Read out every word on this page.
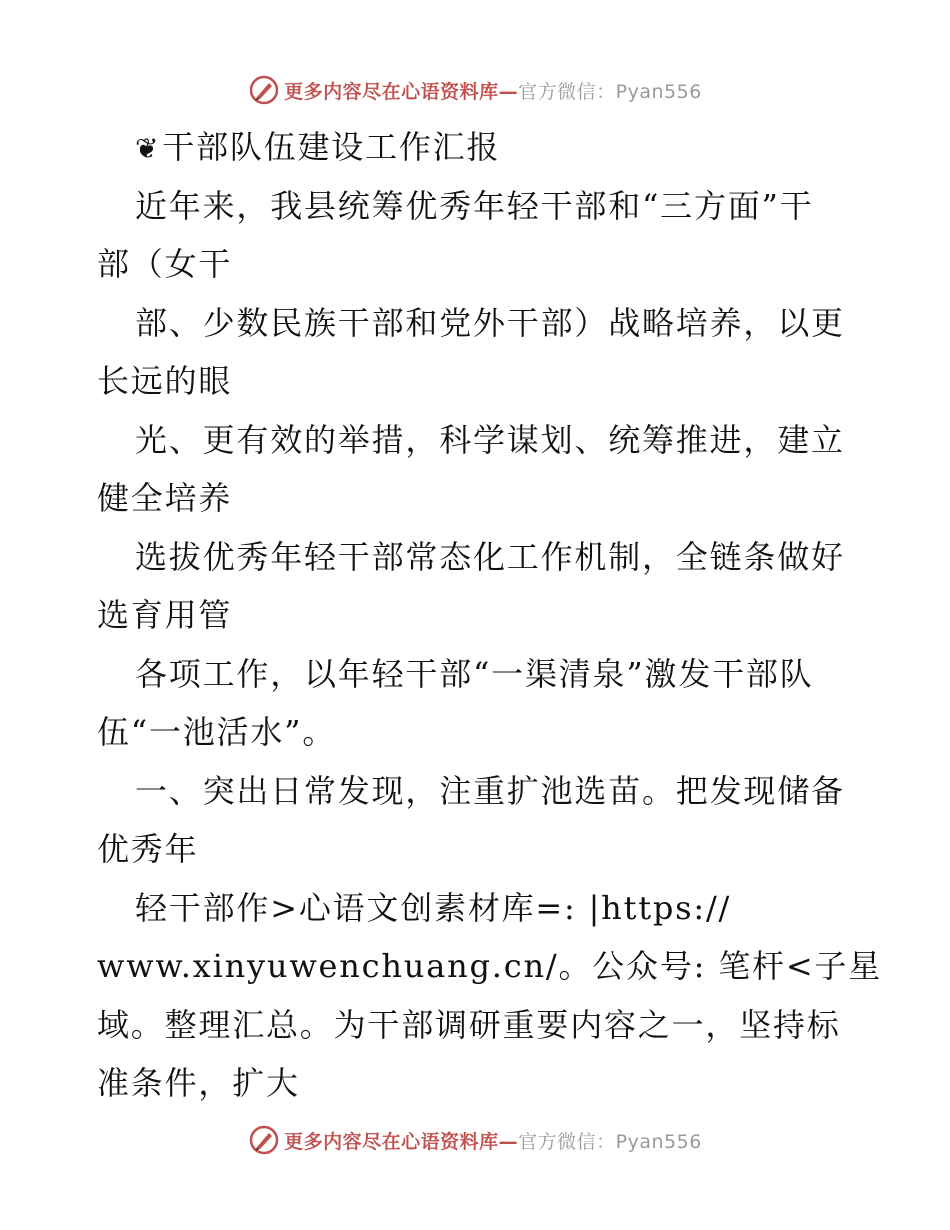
更多内容尽在心语资料库—官方微信：Pyan556
❦干部队伍建设工作汇报
近年来，我县统筹优秀年轻干部和“三方面”干
部（女干
部、少数民族干部和党外干部）战略培养，以更
长远的眼
光、更有效的举措，科学谋划、统筹推进，建立
健全培养
选拔优秀年轻干部常态化工作机制，全链条做好
选育用管
各项工作，以年轻干部“一渠清泉”激发干部队
伍“一池活水”。
一、突出日常发现，注重扩池选苗。把发现储备
优秀年
轻干部作>心语文创素材库=: |https://
www.xinyuwenchuang.cn/。公众号: 笔杆<子星
域。整理汇总。为干部调研重要内容之一，坚持标
准条件，扩大
更多内容尽在心语资料库—官方微信：Pyan556
